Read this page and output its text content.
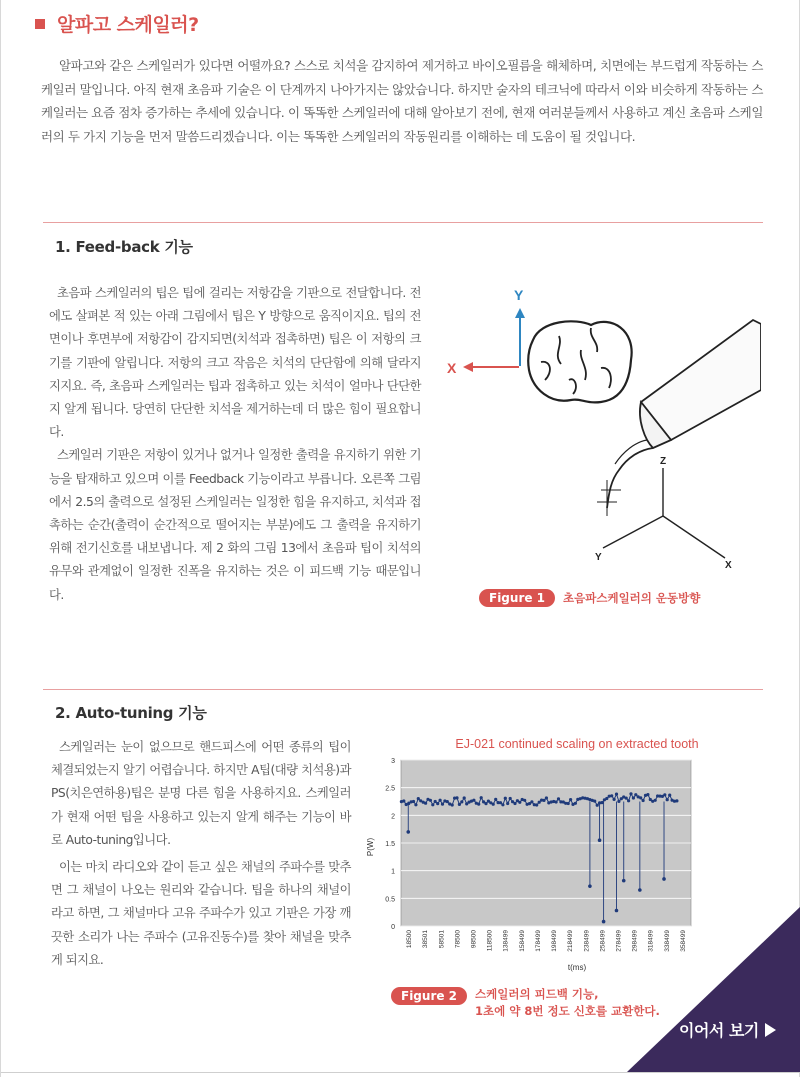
알파고 스케일러?
알파고와 같은 스케일러가 있다면 어떨까요? 스스로 치석을 감지하여 제거하고 바이오필름을 해체하며, 치면에는 부드럽게 작동하는 스케일러 말입니다. 아직 현재 초음파 기술은 이 단계까지 나아가지는 않았습니다. 하지만 술자의 테크닉에 따라서 이와 비슷하게 작동하는 스케일러는 요즘 점차 증가하는 추세에 있습니다. 이 똑똑한 스케일러에 대해 알아보기 전에, 현재 여러분들께서 사용하고 계신 초음파 스케일러의 두 가지 기능을 먼저 말씀드리겠습니다. 이는 똑똑한 스케일러의 작동원리를 이해하는 데 도움이 될 것입니다.
1. Feed-back 기능
초음파 스케일러의 팁은 팁에 걸리는 저항감을 기판으로 전달합니다. 전에도 살펴본 적 있는 아래 그림에서 팁은 Y 방향으로 움직이지요. 팁의 전면이나 후면부에 저항감이 감지되면(치석과 접촉하면) 팁은 이 저항의 크기를 기판에 알립니다. 저항의 크고 작음은 치석의 단단함에 의해 달라지지지요. 즉, 초음파 스케일러는 팁과 접촉하고 있는 치석이 얼마나 단단한지 알게 됩니다. 당연히 단단한 치석을 제거하는데 더 많은 힘이 필요합니다.
스케일러 기판은 저항이 있거나 없거나 일정한 출력을 유지하기 위한 기능을 탑재하고 있으며 이를 Feedback 기능이라고 부릅니다. 오른쪽 그림에서 2.5의 출력으로 설정된 스케일러는 일정한 힘을 유지하고, 치석과 접촉하는 순간(출력이 순간적으로 떨어지는 부분)에도 그 출력을 유지하기 위해 전기신호를 내보냅니다. 제 2 화의 그림 13에서 초음파 팁이 치석의 유무와 관계없이 일정한 진폭을 유지하는 것은 이 피드백 기능 때문입니다.
X
Y
Z
Y
X
Figure 1	초음파스케일러의 운동방향
2. Auto-tuning 기능
스케일러는 눈이 없으므로 핸드피스에 어떤 종류의 팁이 체결되었는지 알기 어렵습니다. 하지만 A팁(대량 치석용)과 PS(치은연하용)팁은 분명 다른 힘을 사용하지요. 스케일러가 현재 어떤 팁을 사용하고 있는지 알게 해주는 기능이 바로 Auto-tuning입니다.
이는 마치 라디오와 같이 듣고 싶은 채널의 주파수를 맞추면 그 채널이 나오는 원리와 같습니다. 팁을 하나의 채널이라고 하면, 그 채널마다 고유 주파수가 있고 기판은 가장 깨끗한 소리가 나는 주파수 (고유진동수)를 찾아 채널을 맞추게 되지요.
EJ-021 continued scaling on extracted tooth
0
0.5
1
1.5
2
2.5
3
18500 38501 58501 78500 98500 118500 138499 158499 178499 198499 218499 238499 258499 278499 298499 318499 338499 358499
P(W)
t(ms)
Figure 2	스케일러의 피드백 기능,
1초에 약 8번 정도 신호를 교환한다.
이어서 보기
